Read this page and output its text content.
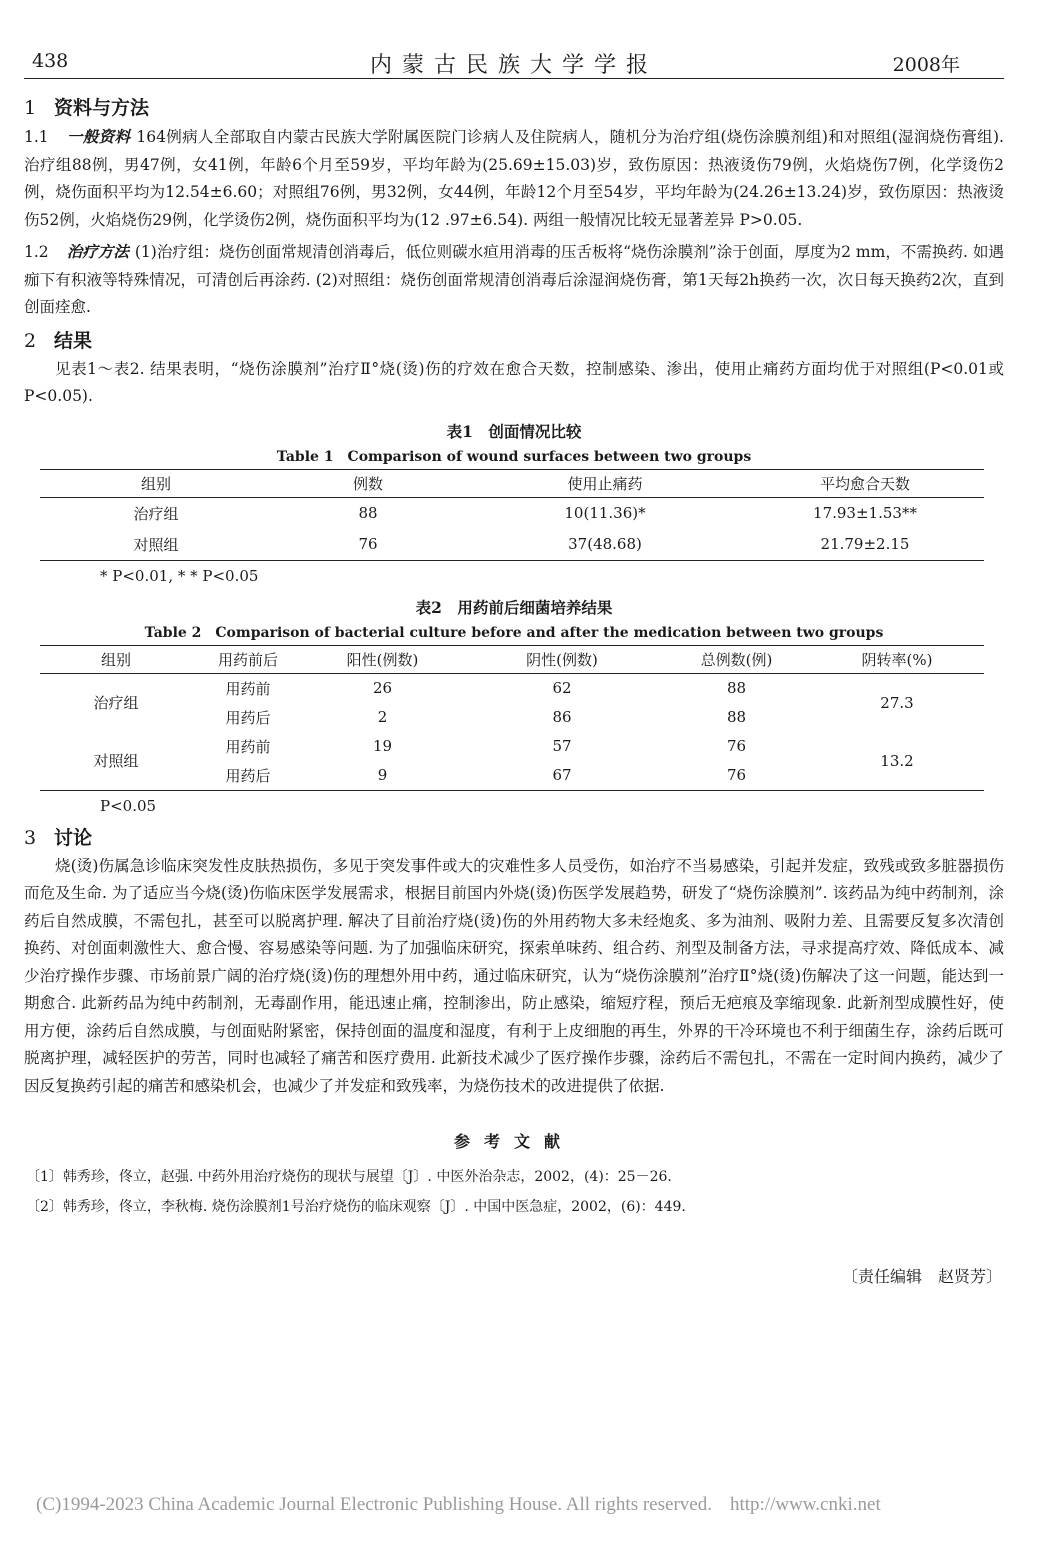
438	内蒙古民族大学学报	2008年
1 资料与方法

1.1 一般资料 164例病人全部取自内蒙古民族大学附属医院门诊病人及住院病人，随机分为治疗组(烧伤涂膜剂组)和对照组(湿润烧伤膏组). 治疗组88例，男47例，女41例，年龄6个月至59岁，平均年龄为(25.69±15.03)岁，致伤原因：热液烫伤79例，火焰烧伤7例，化学烫伤2例，烧伤面积平均为12.54±6.60；对照组76例，男32例，女44例，年龄12个月至54岁，平均年龄为(24.26±13.24)岁，致伤原因：热液烫伤52例，火焰烧伤29例，化学烫伤2例，烧伤面积平均为(12 .97±6.54). 两组一般情况比较无显著差异 P>0.05.

1.2 治疗方法 (1)治疗组：烧伤创面常规清创消毒后，低位则碳水疸用消毒的压舌板将“烧伤涂膜剂”涂于创面，厚度为2 mm，不需换药. 如遇痂下有积液等特殊情况，可清创后再涂药. (2)对照组：烧伤创面常规清创消毒后涂湿润烧伤膏，第1天每2h换药一次，次日每天换药2次，直到创面痊愈.

2 结果

见表1～表2. 结果表明，“烧伤涂膜剂”治疗Ⅱ°烧(烫)伤的疗效在愈合天数，控制感染、渗出，使用止痛药方面均优于对照组(P<0.01或 P<0.05).

表1　创面情况比较
Table 1　Comparison of wound surfaces between two groups
组别	例数	使用止痛药	平均愈合天数
治疗组	88	10(11.36)*	17.93±1.53**
对照组	76	37(48.68)	21.79±2.15
* P<0.01, * * P<0.05
表2　用药前后细菌培养结果
Table 2　Comparison of bacterial culture before and after the medication between two groups
组别	用药前后	阳性(例数)	阴性(例数)	总例数(例)	阴转率(%)
治疗组	用药前	26	62	88	27.3
	用药后	2	86	88	
对照组	用药前	19	57	76	13.2
	用药后	9	67	76	
P<0.05
3 讨论

烧(烫)伤属急诊临床突发性皮肤热损伤，多见于突发事件或大的灾难性多人员受伤，如治疗不当易感染，引起并发症，致残或致多脏器损伤而危及生命. 为了适应当今烧(烫)伤临床医学发展需求，根据目前国内外烧(烫)伤医学发展趋势，研发了“烧伤涂膜剂”. 该药品为纯中药制剂，涂药后自然成膜，不需包扎，甚至可以脱离护理. 解决了目前治疗烧(烫)伤的外用药物大多未经炮炙、多为油剂、吸附力差、且需要反复多次清创换药、对创面刺激性大、愈合慢、容易感染等问题. 为了加强临床研究，探索单味药、组合药、剂型及制备方法，寻求提高疗效、降低成本、减少治疗操作步骤、市场前景广阔的治疗烧(烫)伤的理想外用中药，通过临床研究，认为“烧伤涂膜剂”治疗Ⅱ°烧(烫)伤解决了这一问题，能达到一期愈合. 此新药品为纯中药制剂，无毒副作用，能迅速止痛，控制渗出，防止感染，缩短疗程，预后无疤痕及挛缩现象. 此新剂型成膜性好，使用方便，涂药后自然成膜，与创面贴附紧密，保持创面的温度和湿度，有利于上皮细胞的再生，外界的干冷环境也不利于细菌生存，涂药后既可脱离护理，减轻医护的劳苦，同时也减轻了痛苦和医疗费用. 此新技术减少了医疗操作步骤，涂药后不需包扎，不需在一定时间内换药，减少了因反复换药引起的痛苦和感染机会，也减少了并发症和致残率，为烧伤技术的改进提供了依据.

参考文献

〔1〕韩秀珍，佟立，赵强. 中药外用治疗烧伤的现状与展望〔J〕. 中医外治杂志，2002，(4)：25－26.

〔2〕韩秀珍，佟立，李秋梅. 烧伤涂膜剂1号治疗烧伤的临床观察〔J〕. 中国中医急症，2002，(6)：449.

〔责任编辑　赵贤芳〕
(C)1994-2023 China Academic Journal Electronic Publishing House. All rights reserved. http://www.cnki.net
